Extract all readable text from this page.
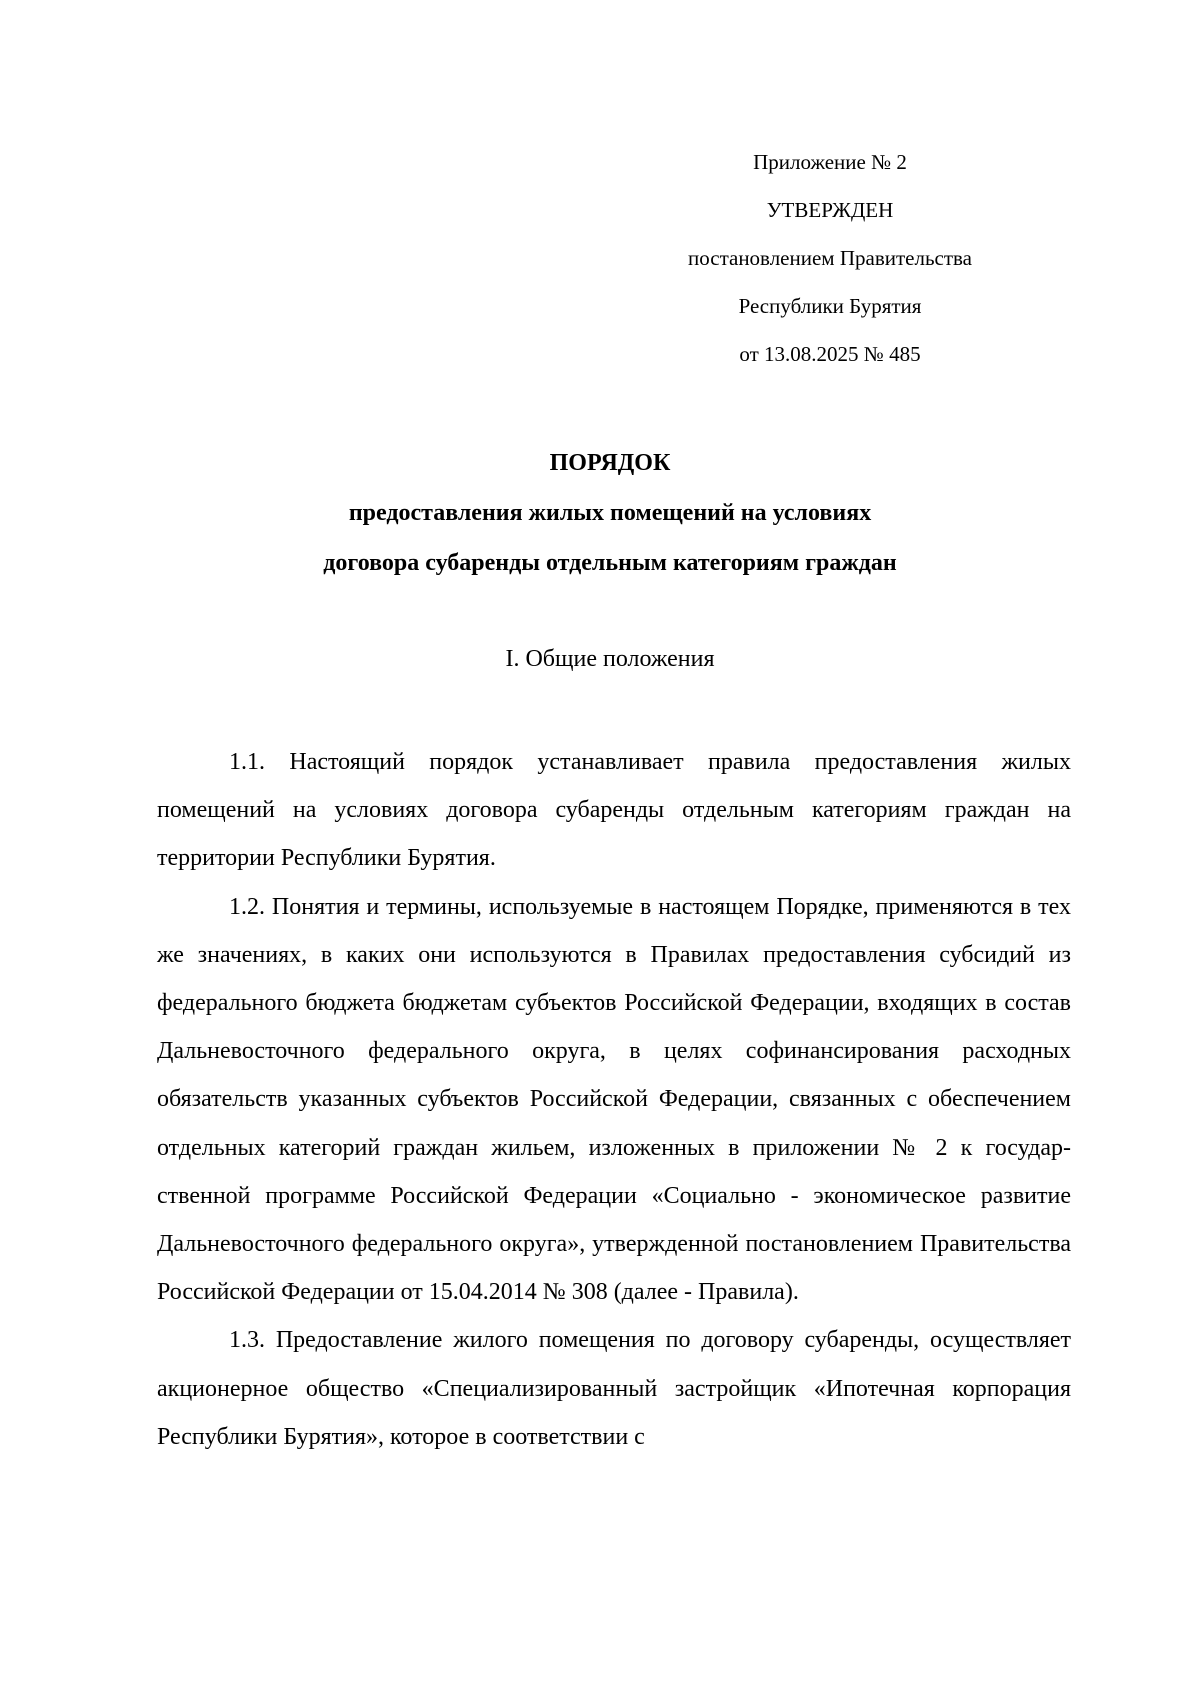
Приложение № 2
УТВЕРЖДЕН
постановлением Правительства
Республики Бурятия
от 13.08.2025 № 485
ПОРЯДОК
предоставления жилых помещений на условиях
договора субаренды отдельным категориям граждан
I. Общие положения

1.1. Настоящий порядок устанавливает правила предоставления жилых помещений на условиях договора субаренды отдельным категориям граждан на территории Республики Бурятия.

1.2. Понятия и термины, используемые в настоящем Порядке, применяются в тех же значениях, в каких они используются в Правилах предоставления субсидий из федерального бюджета бюджетам субъектов Российской Федерации, входящих в состав Дальневосточного федерального округа, в целях софинансирования расходных обязательств указанных субъектов Российской Федерации, связанных с обеспечением отдельных категорий граждан жильем, изложенных в приложении № 2 к государственной программе Российской Федерации «Социально - экономическое развитие Дальневосточного федерального округа», утвержденной постановлением Правительства Российской Федерации от 15.04.2014 № 308 (далее - Правила).

1.3. Предоставление жилого помещения по договору субаренды, осуществляет акционерное общество «Специализированный застройщик «Ипотечная корпорация Республики Бурятия», которое в соответствии с
